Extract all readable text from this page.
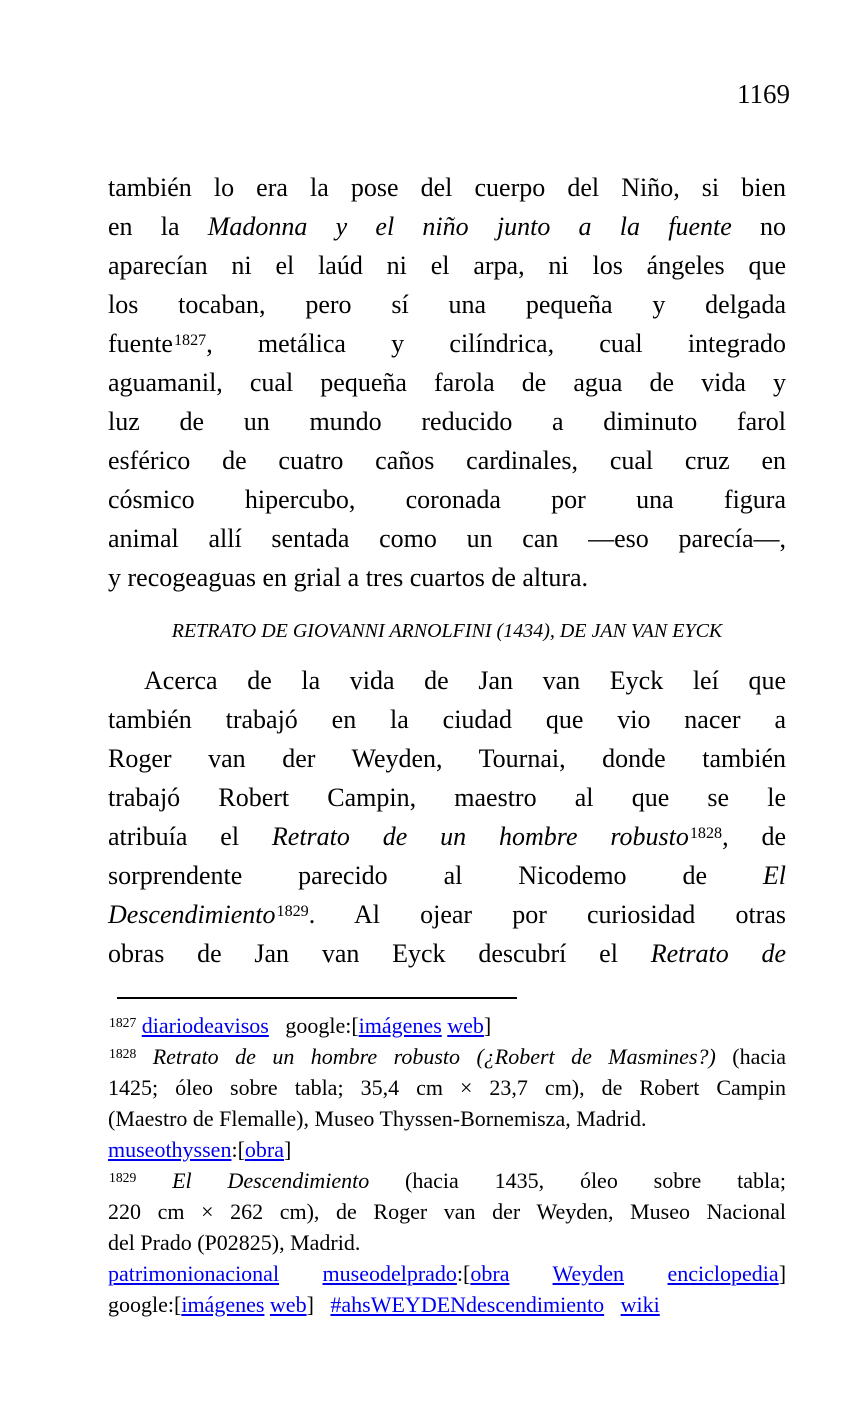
1169
también lo era la pose del cuerpo del Niño, si bien
en la Madonna y el niño junto a la fuente no
aparecían ni el laúd ni el arpa, ni los ángeles que
los tocaban, pero sí una pequeña y delgada
fuente$^{1827}$, metálica y cilíndrica, cual integrado
aguamanil, cual pequeña farola de agua de vida y
luz de un mundo reducido a diminuto farol
esférico de cuatro caños cardinales, cual cruz en
cósmico hipercubo, coronada por una figura
animal allí sentada como un can —eso parecía—,
y recogeaguas en grial a tres cuartos de altura.
RETRATO DE GIOVANNI ARNOLFINI (1434), DE JAN VAN EYCK
Acerca de la vida de Jan van Eyck leí que
también trabajó en la ciudad que vio nacer a
Roger van der Weyden, Tournai, donde también
trabajó Robert Campin, maestro al que se le
atribuía el Retrato de un hombre robusto$^{1828}$, de
sorprendente parecido al Nicodemo de El
Descendimiento$^{1829}$. Al ojear por curiosidad otras
obras de Jan van Eyck descubrí el Retrato de
$^{1827}$ diariodeavisos   google:[imágenes web]
$^{1828}$ Retrato de un hombre robusto (¿Robert de Masmines?) (hacia
1425; óleo sobre tabla; 35,4 cm × 23,7 cm), de Robert Campin
(Maestro de Flemalle), Museo Thyssen-Bornemisza, Madrid.
museothyssen:[obra]
$^{1829}$ El Descendimiento (hacia 1435, óleo sobre tabla;
220 cm × 262 cm), de Roger van der Weyden, Museo Nacional
del Prado (P02825), Madrid.
patrimonionacional museodelprado:[obra Weyden enciclopedia]
google:[imágenes web]   #ahsWEYDENdescendimiento wiki
